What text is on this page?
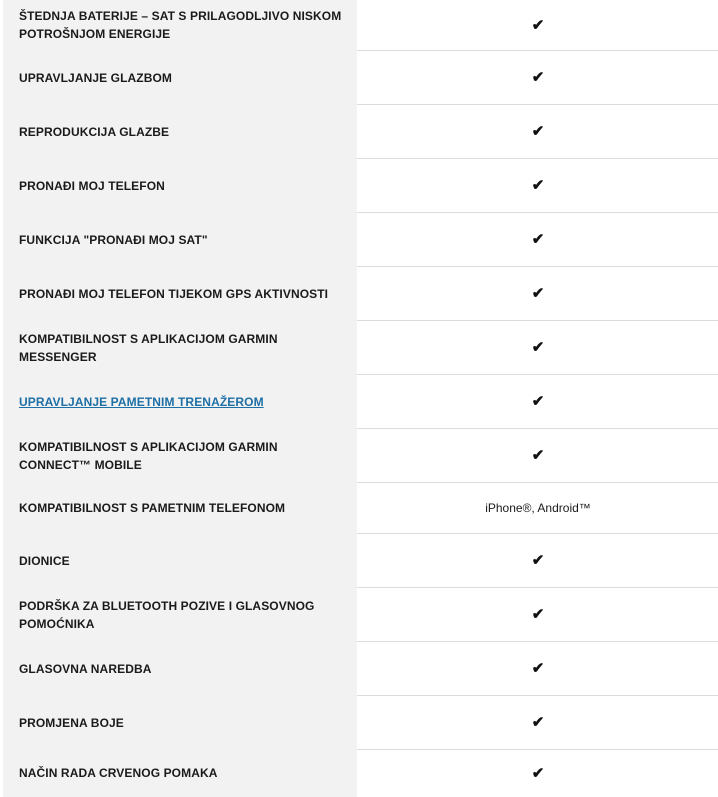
ŠTEDNJA BATERIJE – SAT S PRILAGODLJIVO NISKOM POTROŠNJOM ENERGIJE	✔
UPRAVLJANJE GLAZBOM	✔
REPRODUKCIJA GLAZBE	✔
PRONAĐI MOJ TELEFON	✔
FUNKCIJA "PRONAĐI MOJ SAT"	✔
PRONAĐI MOJ TELEFON TIJEKOM GPS AKTIVNOSTI	✔
KOMPATIBILNOST S APLIKACIJOM GARMIN MESSENGER	✔
UPRAVLJANJE PAMETNIM TRENAŽEROM	✔
KOMPATIBILNOST S APLIKACIJOM GARMIN CONNECT™ MOBILE	✔
KOMPATIBILNOST S PAMETNIM TELEFONOM	iPhone®, Android™
DIONICE	✔
PODRŠKA ZA BLUETOOTH POZIVE I GLASOVNOG POMOĆNIKA	✔
GLASOVNA NAREDBA	✔
PROMJENA BOJE	✔
NAČIN RADA CRVENOG POMAKA	✔
